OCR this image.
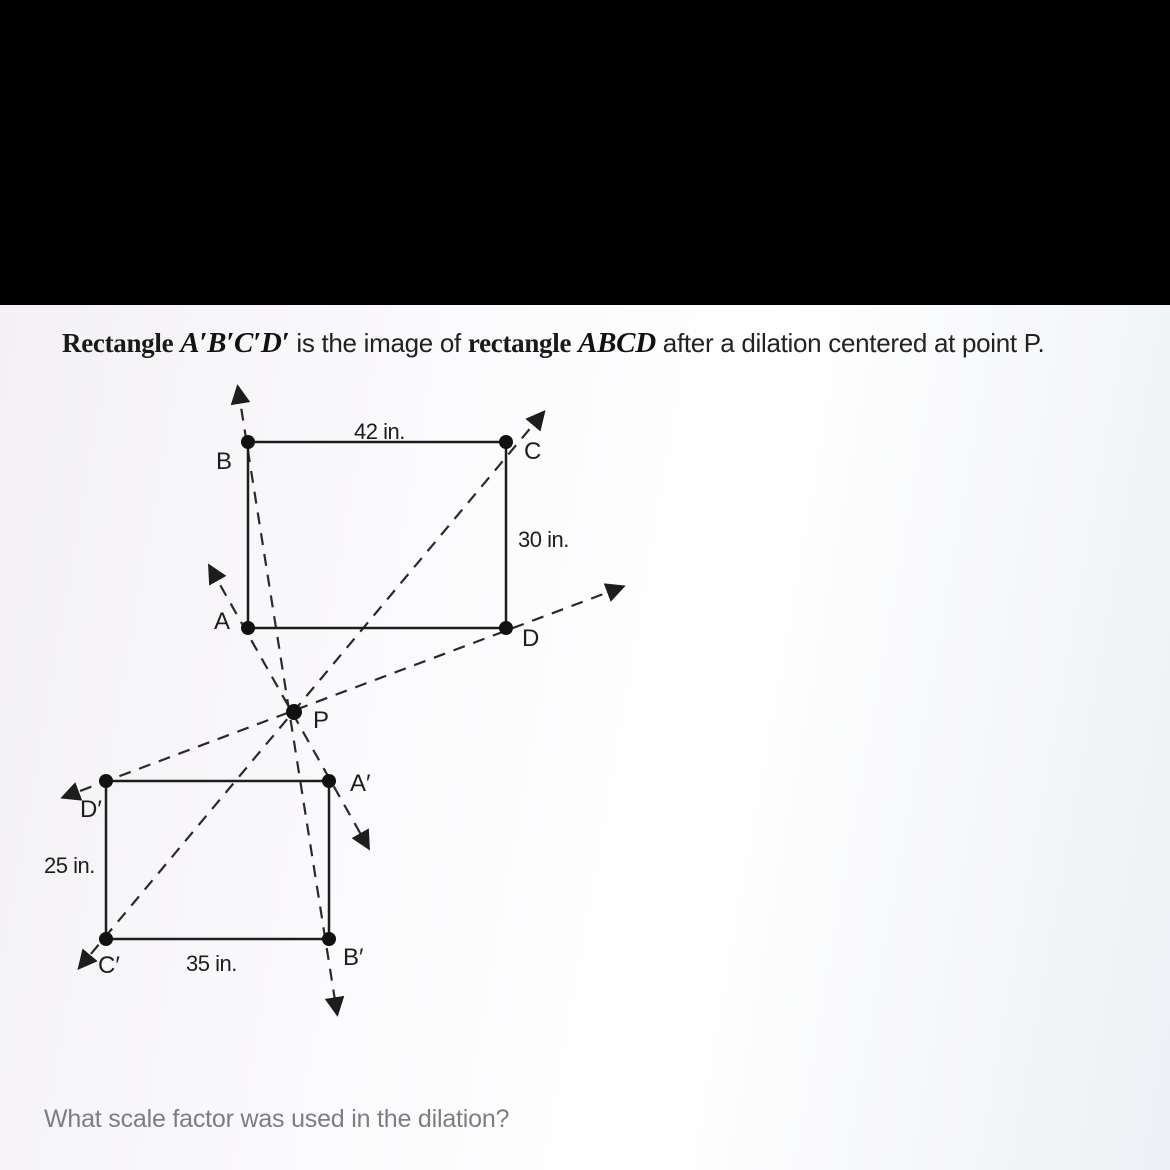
Rectangle A′B′C′D′ is the image of rectangle ABCD after a dilation centered at point P.
A
B	C
D
P
A′
B′
C′
D′
42 in.
30 in.
25 in.
35 in.
What scale factor was used in the dilation?
